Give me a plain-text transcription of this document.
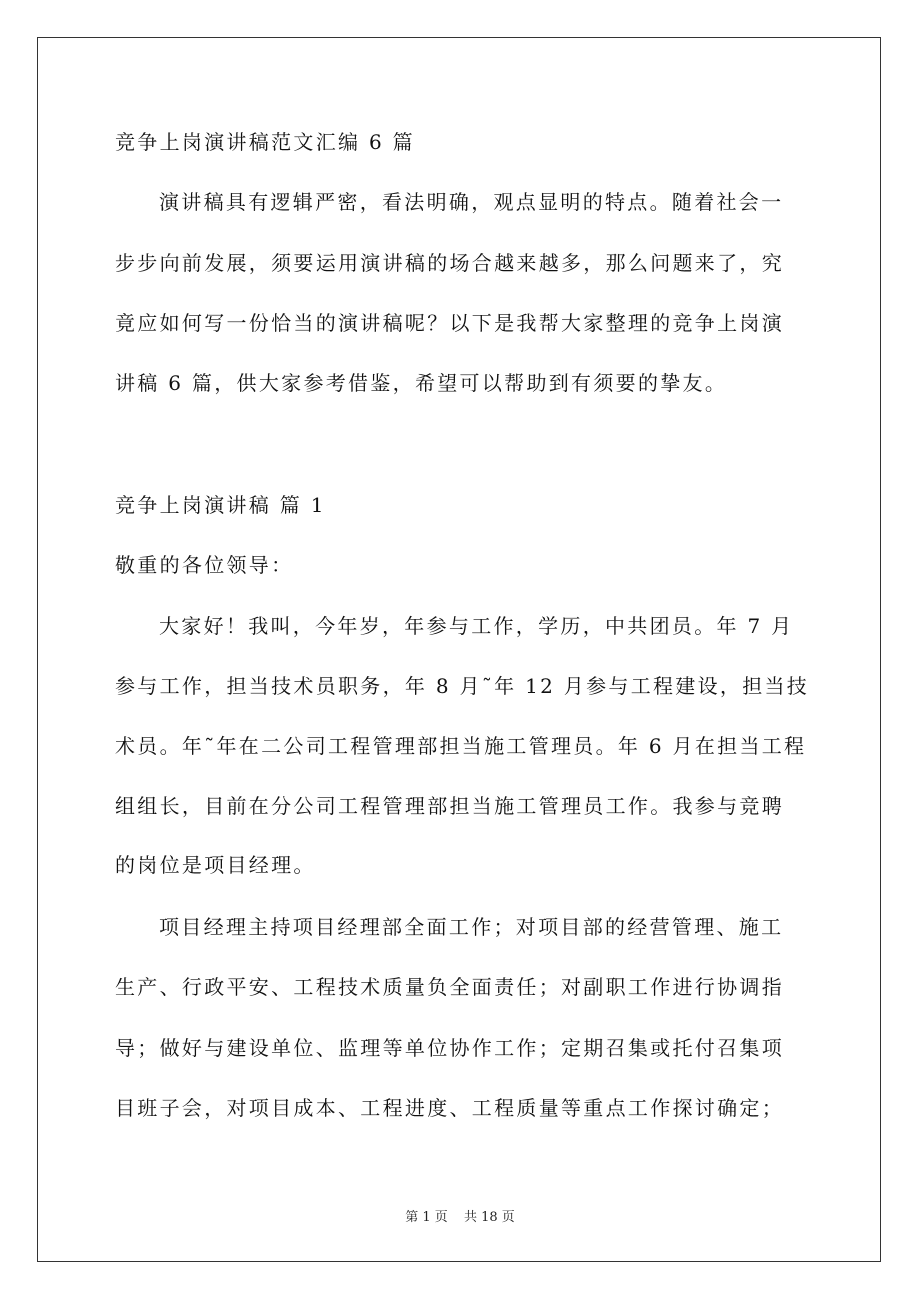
竞争上岗演讲稿范文汇编 6 篇
演讲稿具有逻辑严密，看法明确，观点显明的特点。随着社会一
步步向前发展，须要运用演讲稿的场合越来越多，那么问题来了，究
竟应如何写一份恰当的演讲稿呢？以下是我帮大家整理的竞争上岗演
讲稿 6 篇，供大家参考借鉴，希望可以帮助到有须要的挚友。
竞争上岗演讲稿 篇 1
敬重的各位领导：
大家好！我叫，今年岁，年参与工作，学历，中共团员。年 7 月
参与工作，担当技术员职务，年 8 月˜年 12 月参与工程建设，担当技
术员。年˜年在二公司工程管理部担当施工管理员。年 6 月在担当工程
组组长，目前在分公司工程管理部担当施工管理员工作。我参与竞聘
的岗位是项目经理。
项目经理主持项目经理部全面工作；对项目部的经营管理、施工
生产、行政平安、工程技术质量负全面责任；对副职工作进行协调指
导；做好与建设单位、监理等单位协作工作；定期召集或托付召集项
目班子会，对项目成本、工程进度、工程质量等重点工作探讨确定；
第 1 页 共 18 页
